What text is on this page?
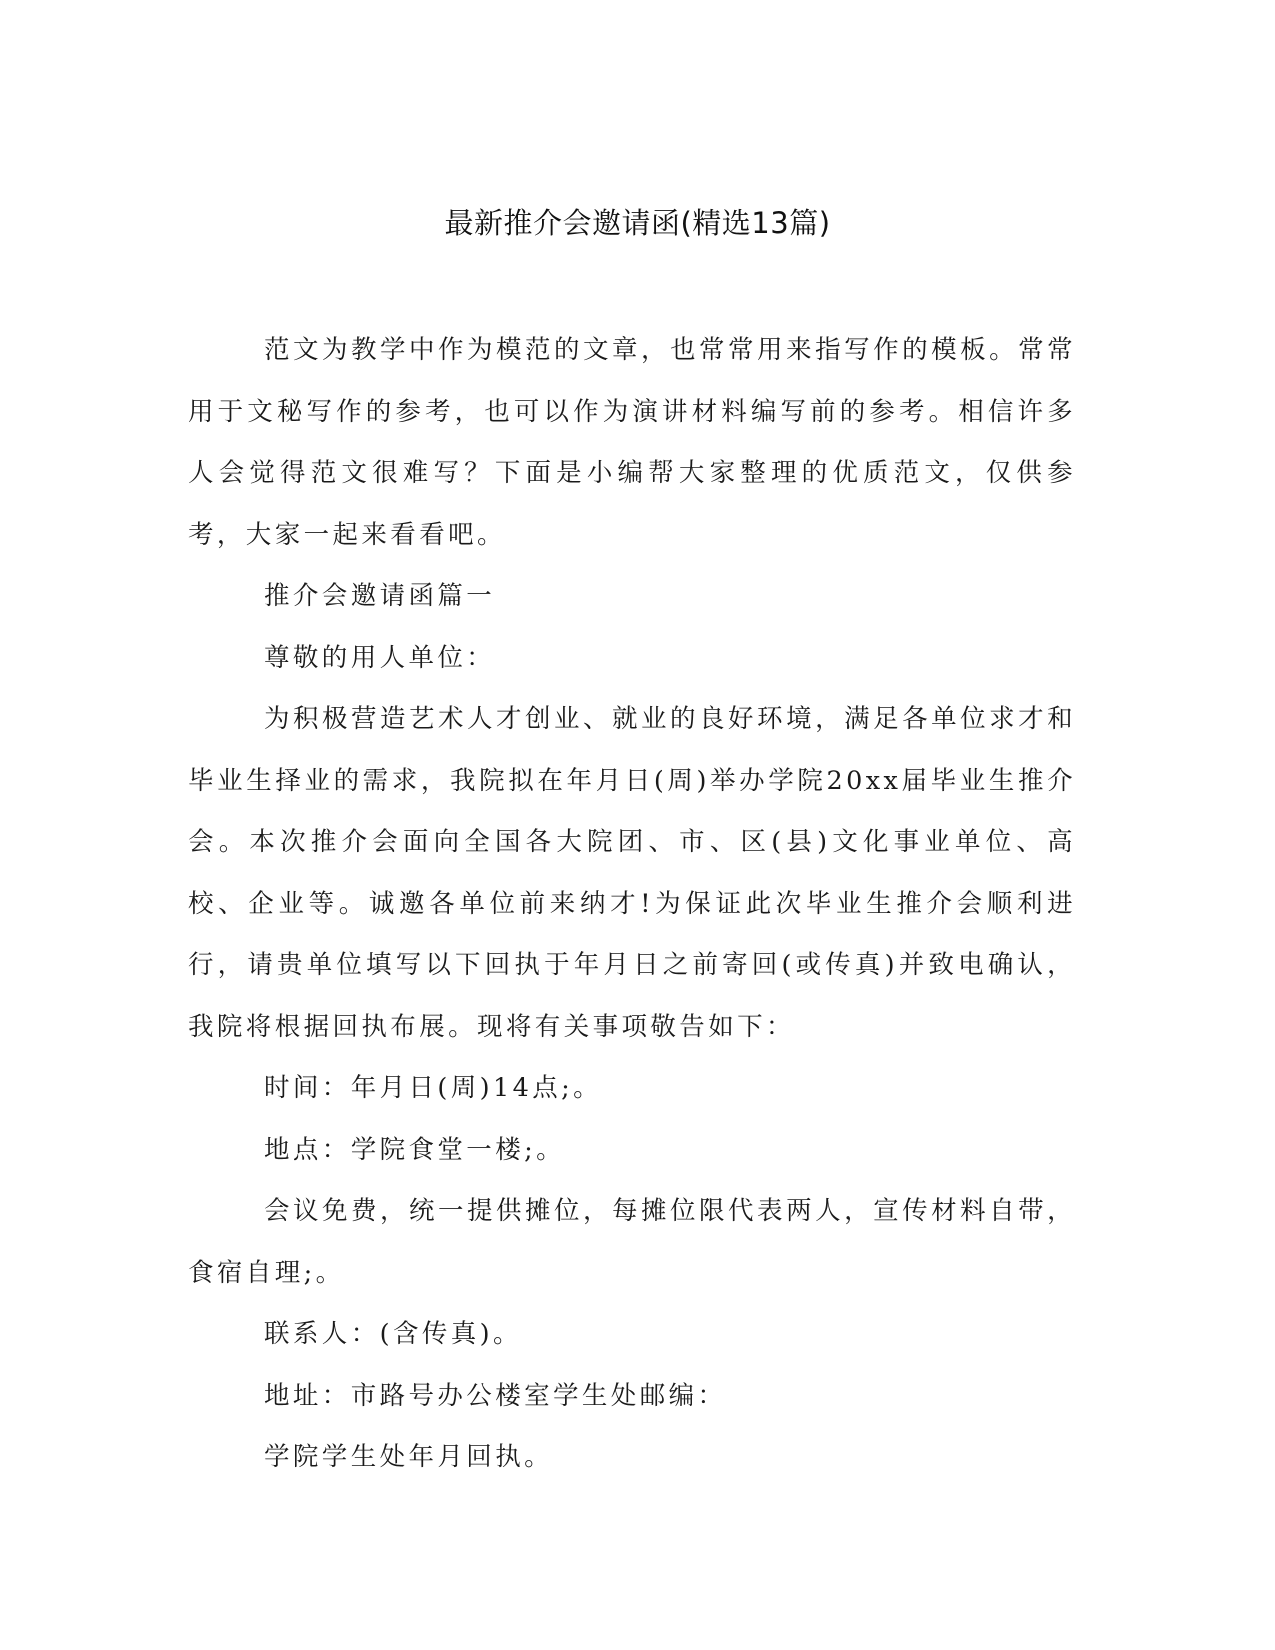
最新推介会邀请函(精选13篇)

范文为教学中作为模范的文章，也常常用来指写作的模板。常常用于文秘写作的参考，也可以作为演讲材料编写前的参考。相信许多人会觉得范文很难写？下面是小编帮大家整理的优质范文，仅供参考，大家一起来看看吧。

推介会邀请函篇一

尊敬的用人单位：

为积极营造艺术人才创业、就业的良好环境，满足各单位求才和毕业生择业的需求，我院拟在年月日(周)举办学院20xx届毕业生推介会。本次推介会面向全国各大院团、市、区(县)文化事业单位、高校、企业等。诚邀各单位前来纳才!为保证此次毕业生推介会顺利进行，请贵单位填写以下回执于年月日之前寄回(或传真)并致电确认，我院将根据回执布展。现将有关事项敬告如下：

时间：年月日(周)14点;。

地点：学院食堂一楼;。

会议免费，统一提供摊位，每摊位限代表两人，宣传材料自带，食宿自理;。

联系人：(含传真)。

地址：市路号办公楼室学生处邮编：

学院学生处年月回执。
